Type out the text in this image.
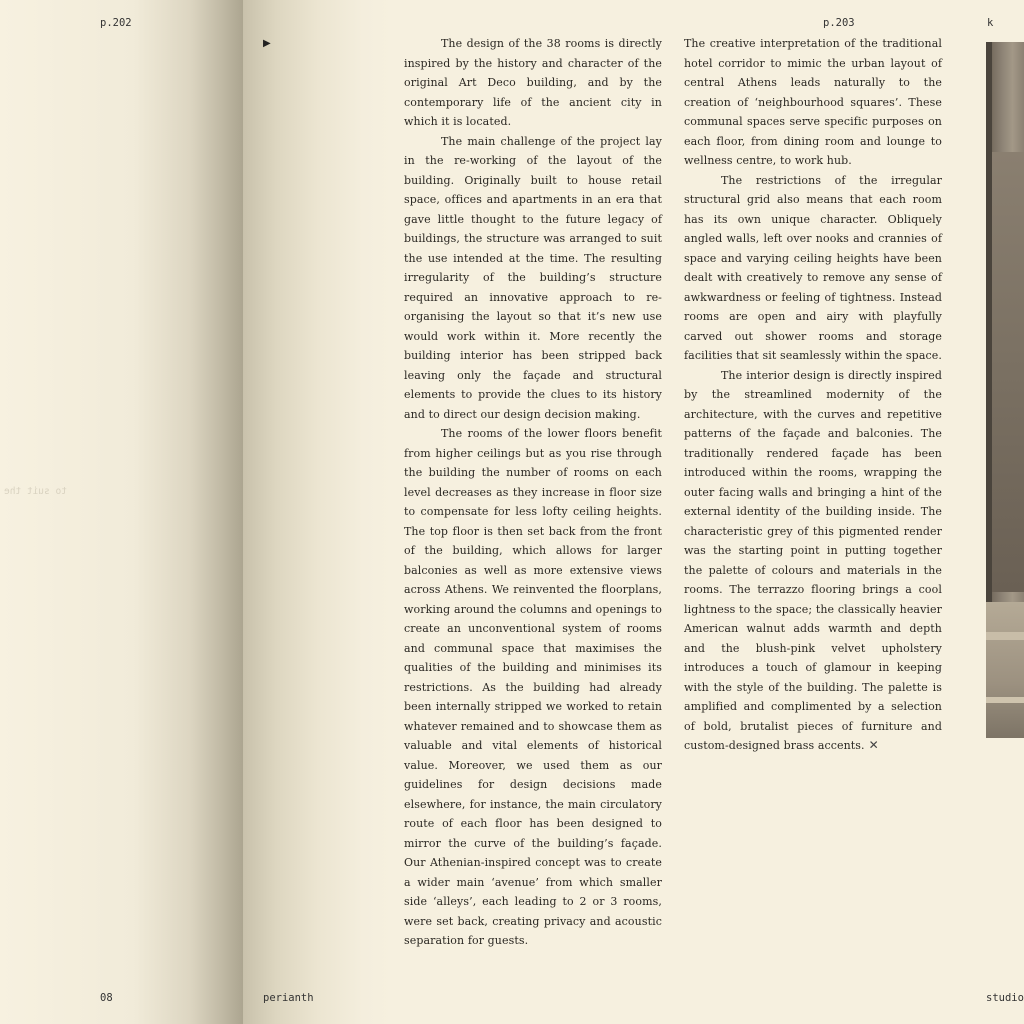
p.202
to suit the
08
p.203	k
▶	The design of the 38 rooms is directly inspired by the history and character of the original Art Deco building, and by the contemporary life of the ancient city in which it is located.

The main challenge of the project lay in the re-working of the layout of the building. Originally built to house retail space, offices and apartments in an era that gave little thought to the future legacy of buildings, the structure was arranged to suit the use intended at the time. The resulting irregularity of the building’s structure required an innovative approach to re-organising the layout so that it’s new use would work within it. More recently the building interior has been stripped back leaving only the façade and structural elements to provide the clues to its history and to direct our design decision making.

The rooms of the lower floors benefit from higher ceilings but as you rise through the building the number of rooms on each level decreases as they increase in floor size to compensate for less lofty ceiling heights. The top floor is then set back from the front of the building, which allows for larger balconies as well as more extensive views across Athens. We reinvented the floorplans, working around the columns and openings to create an unconventional system of rooms and communal space that maximises the qualities of the building and minimises its restrictions. As the building had already been internally stripped we worked to retain whatever remained and to showcase them as valuable and vital elements of historical value. Moreover, we used them as our guidelines for design decisions made elsewhere, for instance, the main circulatory route of each floor has been designed to mirror the curve of the building’s façade. Our Athenian-inspired concept was to create a wider main ‘avenue’ from which smaller side ‘alleys’, each leading to 2 or 3 rooms, were set back, creating privacy and acoustic separation for guests.

The creative interpretation of the traditional hotel corridor to mimic the urban layout of central Athens leads naturally to the creation of ‘neighbourhood squares’. These communal spaces serve specific purposes on each floor, from dining room and lounge to wellness centre, to work hub.

The restrictions of the irregular structural grid also means that each room has its own unique character. Obliquely angled walls, left over nooks and crannies of space and varying ceiling heights have been dealt with creatively to remove any sense of awkwardness or feeling of tightness. Instead rooms are open and airy with playfully carved out shower rooms and storage facilities that sit seamlessly within the space.

The interior design is directly inspired by the streamlined modernity of the architecture, with the curves and repetitive patterns of the façade and balconies. The traditionally rendered façade has been introduced within the rooms, wrapping the outer facing walls and bringing a hint of the external identity of the building inside. The characteristic grey of this pigmented render was the starting point in putting together the palette of colours and materials in the rooms. The terrazzo flooring brings a cool lightness to the space; the classically heavier American walnut adds warmth and depth and the blush-pink velvet upholstery introduces a touch of glamour in keeping with the style of the building. The palette is amplified and complimented by a selection of bold, brutalist pieces of furniture and custom-designed brass accents. ✕

perianth	studio
